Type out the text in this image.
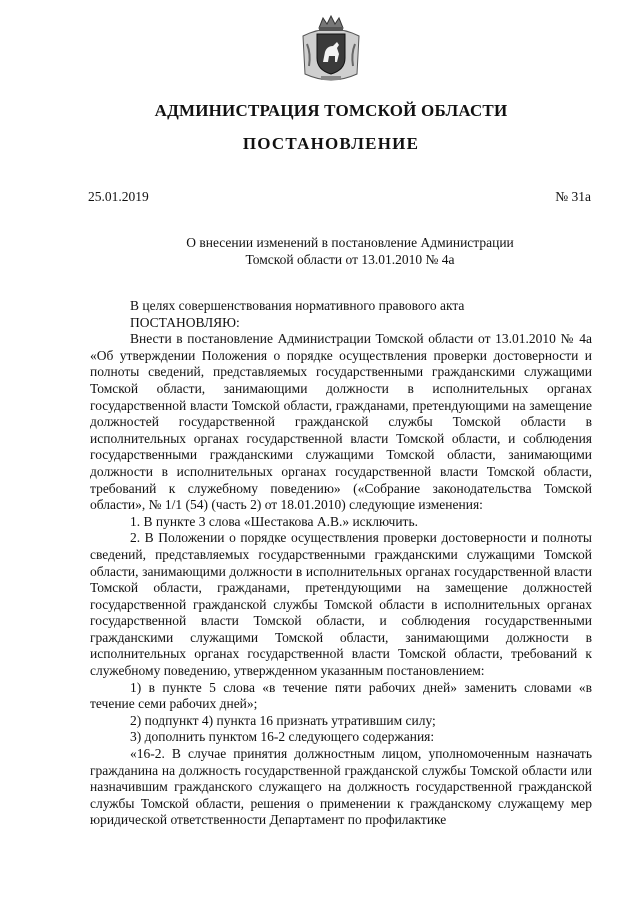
АДМИНИСТРАЦИЯ ТОМСКОЙ ОБЛАСТИ
ПОСТАНОВЛЕНИЕ
25.01.2019	№ 31а
О внесении изменений в постановление Администрации
Томской области от 13.01.2010 № 4а

В целях совершенствования нормативного правового акта

ПОСТАНОВЛЯЮ:

Внести в постановление Администрации Томской области от 13.01.2010 № 4а «Об утверждении Положения о порядке осуществления проверки достоверности и полноты сведений, представляемых государственными гражданскими служащими Томской области, занимающими должности в исполнительных органах государственной власти Томской области, гражданами, претендующими на замещение должностей государственной гражданской службы Томской области в исполнительных органах государственной власти Томской области, и соблюдения государственными гражданскими служащими Томской области, занимающими должности в исполнительных органах государственной власти Томской области, требований к служебному поведению» («Собрание законодательства Томской области», № 1/1 (54) (часть 2) от 18.01.2010) следующие изменения:

1. В пункте 3 слова «Шестакова А.В.» исключить.

2. В Положении о порядке осуществления проверки достоверности и полноты сведений, представляемых государственными гражданскими служащими Томской области, занимающими должности в исполнительных органах государственной власти Томской области, гражданами, претендующими на замещение должностей государственной гражданской службы Томской области в исполнительных органах государственной власти Томской области, и соблюдения государственными гражданскими служащими Томской области, занимающими должности в исполнительных органах государственной власти Томской области, требований к служебному поведению, утвержденном указанным постановлением:

1) в пункте 5 слова «в течение пяти рабочих дней» заменить словами «в течение семи рабочих дней»;

2) подпункт 4) пункта 16 признать утратившим силу;

3) дополнить пунктом 16-2 следующего содержания:

«16-2. В случае принятия должностным лицом, уполномоченным назначать гражданина на должность государственной гражданской службы Томской области или назначившим гражданского служащего на должность государственной гражданской службы Томской области, решения о применении к гражданскому служащему мер юридической ответственности Департамент по профилактике
